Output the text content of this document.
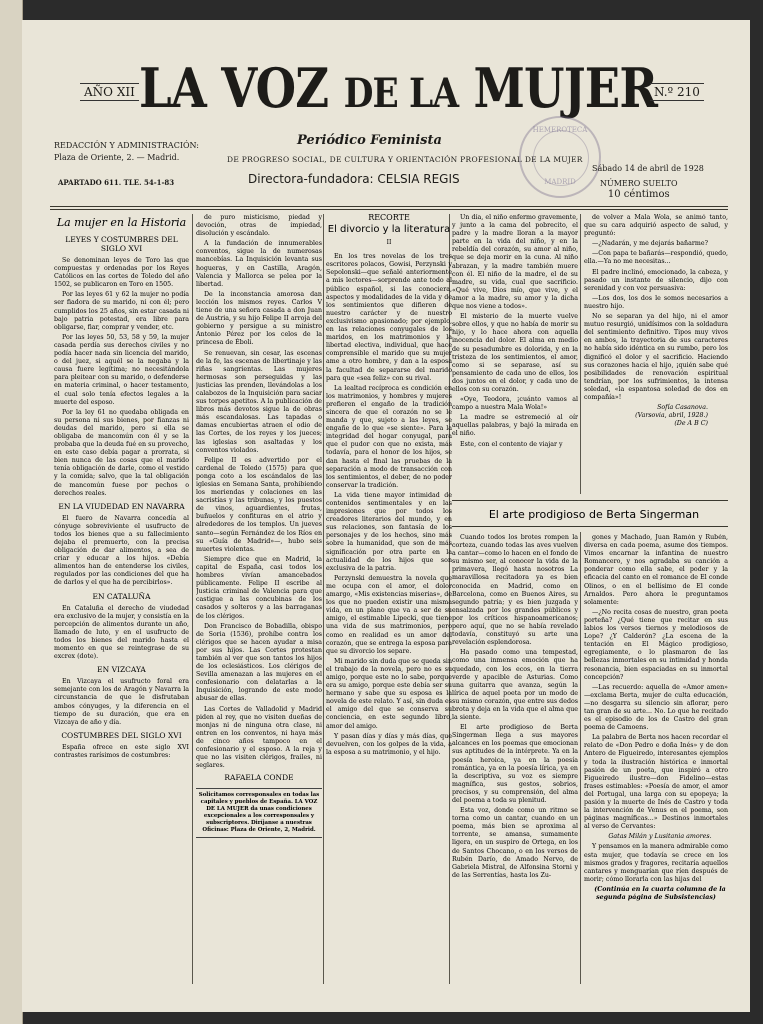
AÑO XII LA VOZ DE LA MUJER
N.º 210
Periódico Feminista
REDACCIÓN Y ADMINISTRACIÓN:
Plaza de Oriente, 2. — Madrid.	DE PROGRESO SOCIAL, DE CULTURA Y ORIENTACIÓN PROFESIONAL DE LA MUJER
Directora-fundadora: CELSIA REGIS
APARTADO 611. TLE. 54-1-83
HEMEROTECA
MADRID
Sábado 14 de abril de 1928
NÚMERO SUELTO
10 céntimos
La mujer en la Historia
LEYES Y COSTUMBRES DEL SIGLO XVI

Se denominan leyes de Toro las que compuestas y ordenadas por los Reyes Católicos en las cortes de Toledo del año 1502, se publicaron en Toro en 1505.

Por las leyes 61 y 62 la mujer no podía ser fiadora de su marido, ni con él; pero cumplidos los 25 años, sin estar casada ni bajo patria potestad, era libre para obligarse, fiar, comprar y vender, etc.

Por las leyes 50, 53, 58 y 59, la mujer casada perdía sus derechos civiles y no podía hacer nada sin licencia del marido, o del juez, si aquél se la negaba y la causa fuere legítima; no necesitándola para pleitear con su marido, o defenderse en materia criminal, o hacer testamento, el cual solo tenía efectos legales a la muerte del esposo.

Por la ley 61 no quedaba obligada en su persona ni sus bienes, por fianzas ni deudas del marido, pero si ella se obligaba de mancomún con él y se la probaba que la deuda fué en su provecho, en este caso debía pagar a prorrata, si bien nunca de las cosas que el marido tenía obligación de darle, como el vestido y la comida; salvo, que la tal obligación de mancomún fuese por pechos o derechos reales.

EN LA VIUDEDAD EN NAVARRA

El fuero de Navarra concedía al cónyuge sobreviviente el usufructo de todos los bienes que a su fallecimiento dejaba el premuerto, con la precisa obligación de dar alimentos, a sea de criar y educar a los hijos. «Debía alimentos han de entenderse los civiles, regulados por las condiciones del que ha de darlos y el que ha de percibirlos».

EN CATALUÑA

En Cataluña el derecho de viudedad era exclusivo de la mujer, y consistía en la percepción de alimentos durante un año, llamado de luto, y en el usufructo de todos los bienes del marido hasta el momento en que se reintegrase de su excrex (dote).

EN VIZCAYA

En Vizcaya el usufructo foral era semejante con los de Aragón y Navarra la circunstancia de que le disfrutaban ambos cónyuges, y la diferencia en el tiempo de su duración, que era en Vizcaya de año y día.

COSTUMBRES DEL SIGLO XVI

España ofrece en este siglo XVI contrastes rarísimos de costumbres:

de puro misticismo, piedad y devoción, otras de impiedad, disolución y escándalo.

A la fundación de innumerables conventos, sigue la de numerosas mancebías. La Inquisición levanta sus hogueras, y en Castilla, Aragón, Valencia y Mallorca se pelea por la libertad.

De la inconstancia amorosa dan lección los mismos reyes. Carlos V tiene de una señora casada a don Juan de Austria, y su hijo Felipe II arroja del gobierno y persigue a su ministro Antonio Pérez por los celos de la princesa de Éboli.

Se renuevan, sin cesar, las escenas de la fe, las escenas de libertinaje y las riñas sangrientas. Las mujeres hermosas son perseguidas y las justicias las prenden, llevándolas a los calabozos de la Inquisición para saciar sus torpes apetitos. A la publicación de libros más devotos sigue la de obras más escandalosas. Las tapadas o damas encubiertas atraen el odio de las Cortes, de los reyes y los jueces; las iglesias son asaltadas y los conventos violados.

Felipe II es advertido por el cardenal de Toledo (1575) para que ponga coto a los escándalos de las iglesias en Semana Santa, prohibiendo los meriendas y colaciones en las sacristías y las tribunas, y los puestos de vinos, aguardientes, frutas, buñuelos y confituras en el atrio y alrededores de los templos. Un jueves santo—según Fernández de los Ríos en su «Guía de Madrid»—, hubo seis muertes violentas.

Siempre dice que en Madrid, la capital de España, casi todos los hombres vivían amancebados públicamente. Felipe II escribe al Justicia criminal de Valencia para que castigue a las concubinas de los casados y solteros y a las barraganas de los clérigos.

Don Francisco de Bobadilla, obispo de Soria (1536), prohíbe contra los clérigos que se hacen ayudar a misa por sus hijos. Las Cortes protestan también al ver que son tantos los hijos de los eclesiásticos. Los clérigos de Sevilla amenazan a las mujeres en el confesionario con delatarlas a la Inquisición, logrando de este modo abusar de ellas.

Las Cortes de Valladolid y Madrid piden al rey, que no visiten dueñas de monjas ni de ninguna otra clase, ni entren en los conventos, ni haya más de cinco años tampoco en el confesionario y el esposo. A la reja y que no las visiten clérigos, frailes, ni seglares.

RAFAELA CONDE
Solicitamos corresponsales en todas las capitales y pueblos de España. LA VOZ DE LA MUJER da unas condiciones excepcionales a los corresponsales y subscriptores. Diríjanse a nuestras Oficinas: Plaza de Oriente, 2, Madrid.
RECORTE
El divorcio y la literatura
II

En los tres novelas de los tres escritores polacos, Gowisi, Perzynski y Sepolonski—que señalé anteriormente a mis lectores—sorprende ante todo al público español, si las conociera, aspectos y modalidades de la vida y de los sentimientos que difieren de nuestro carácter y de nuestro exclusivismo apasionado; por ejemplo, en las relaciones conyugales de los maridos, en los matrimonios y la libertad electiva, individual, que hace comprensible el marido que su mujer ame a otro hombre, y dan a la esposa la facultad de separarse del marido para que «sea feliz» con su rival.

La lealtad recíproca es condición en los matrimonios, y hombres y mujeres prefieren el engaño de la tradición sincera de que el corazón no se le manda y que, sujeto a las leyes, se engañe de lo que «se siente». Para la integridad del hogar conyugal, para que el pudor con que no exista, más todavía, para el honor de los hijos, se dan hasta el final las pruebas de la separación a modo de transacción con los sentimientos, el deber, de no poder conservar la tradición.

La vida tiene mayor intimidad de contenidos sentimentales y en las impresiones que por todos los creadores literarios del mundo, y en sus relaciones, son fantasía de los personajes y de los hechos, sino más sobre la humanidad, que son de más significación por otra parte en la actualidad de los hijos que son exclusiva de la patria.

Perzynski demuestra la novela que me ocupa con el amor, el dolor amargo, «Mis existencias miserias», de los que no pueden existir una misma vida, en un plano que va a ser de su amigo, el estimable Lipecki, que tiene una vida de sus matrimonios, pero como en realidad es un amor del corazón, que se entrega la esposa para que su divorcio los separe.

Mi marido sin duda que se queda sin el trabajo de la novela, pero no es su amigo, porque este no lo sabe, porque era su amigo, porque este debía ser su hermano y sabe que su esposa es la novela de este relato. Y así, sin duda es el amigo del que se conserva su conciencia, en este segundo libro, amor del amigo.

Y pasan días y días y más días, que devuelven, con los golpes de la vida, a la esposa a su matrimonio, y el hijo.

Un día, el niño enfermo gravemente, y junto a la cama del pobrecito, el padre y la madre lloran a la mayor parte en la vida del niño, y en la rebeldía del corazón, su amor al niño, que se deja morir en la cuna. Al niño abrazan, y la madre también muere con él. El niño de la madre, el de su madre, su vida, cual que sacrificio. «Qué vive, Dios mío, que vive, y el amor a la madre, su amor y la dicha que nos viene a todos».

El misterio de la muerte vuelve sobre ellos, y que no había de morir su hijo, y lo hace ahora con aquella inocencia del dolor. El alma en medio de su pesadumbre es dolorida, y en la tristeza de los sentimientos, el amor, como si se separase, así su pensamiento de cada uno de ellos, los dos juntos en el dolor, y cada uno de ellos con su corazón.

«Oye, Teodora, ¡cuánto vamos al campo a nuestra Mala Wola!»

La madre se estremeció al oír aquellas palabras, y bajó la mirada en el niño.

Este, con el contento de viajar y

de volver a Mala Wola, se animó tanto, que su cara adquirió aspecto de salud, y preguntó:

—¿Nadarán, y me dejarás bañarme?

—Con papa te bañarás—respondió, quedo, ella.—Ya no me necesitas...

El padre inclinó, emocionado, la cabeza, y pasado un instante de silencio, dijo con serenidad y con voz persuasiva:

—Los dos, los dos le somos necesarios a nuestro hijo.

No se separan ya del hijo, ni el amor mutuo resurgió, unidísimos con la soldadura del sentimiento definitivo. Tipos muy vivos en ambos, la trayectoria de sus caracteres no había sido idéntica en su rumbo, pero los dignificó el dolor y el sacrificio. Haciendo sus corazones hacia el hijo, ¡quién sabe qué posibilidades de renovación espiritual tendrían, por los sufrimientos, la intensa soledad, «la espantosa soledad de dos en compañía»!

Sofía Casanova.
(Varsovia, abril, 1928.)
(De A B C)
El arte prodigioso de Berta Singerman

Cuando todos los brotes rompen la corteza, cuando todas las aves vuelven a cantar—como lo hacen en el fondo de su mismo ser, al conocer la vida de la primavera, llegó hasta nosotros La maravillosa recitadora ya es bien conocida en Madrid, como en Barcelona, como en Buenos Aires, su segundo patria; y es bien juzgada y ensalzada por los grandes públicos y por los críticos hispanoamericanos; pero aquí, que no se había revelado todavía, constituyó su arte una revelación esplendorosa.

Ha pasado como una tempestad, como una inmensa emoción que ha quedado, con los ecos, en la tierra verde y apacible de Asturias. Como una guitarra que avanza, según la lírica de aquel poeta por un modo de su mismo corazón, que entre sus dedos brota y deja en la vida que el alma que la siente.

El arte prodigioso de Berta Singerman llega a sus mayores alcances en los poemas que emocionan sus aptitudes de la intérprete. Ya en la poesía heroica, ya en la poesía romántica, ya en la poesía lírica, ya en la descriptiva, su voz es siempre magnífica, sus gestos, sobrios, precisos, y su comprensión, del alma del poema a toda su plenitud.

Esta voz, donde como un ritmo se torna como un cantar, cuando en un poema, más bien se aproxima al torrente, se amansa, sumamente ligera, en un suspiro de Ortega, en los de Santos Chocano, o en los versos de Rubén Darío, de Amado Nervo, de Gabriela Mistral, de Alfonsina Storni y de las Serrentías, hasta los Zu-

gones y Machado, Juan Ramón y Rubén, diversa en cada poema, asume dos tiempos. Vimos encarnar la infantina de nuestro Romancero, y nos agradaba su canción a ponderar como ella sabe, el poder y la eficacia del canto en el romance de El conde Olinos, o en el bellísimo de El conde Arnaldos. Pero ahora le preguntamos solamente:

—¿No recita cosas de nuestro, gran poeta porteña? ¿Qué tiene que recitar en sus labios los versos tiernos y melodiosos de Lope? ¿Y Calderón? ¿La escena de la tentación en El Mágico prodigioso, egregiamente, o lo plasmaron de las bellezas inmortales en su intimidad y honda resonancia, bien espaciadas en su inmortal concepción?

—Las recuerdo: aquella de «Amor amen» —exclama Berta, mujer de culta educación, —no desgarra su silencio sin aflorar, pero tan gran de su arte... No. Lo que he recitado es el episodio de los de Castro del gran poema de Camoens.

La palabra de Berta nos hacen recordar el relato de «Don Pedro e doña Inés» y de don Antero de Figueiredo, interesantes ejemplos y toda la ilustración histórica e inmortal pasión de un poeta, que inspiró a otro Figueiredo ilustre—don Fidelino—estas frases estimables: «Poesía de amor, el amor del Portugal, una larga con su epopeya; la pasión y la muerte de Inés de Castro y toda la intervención de Venus en el poema, son páginas magníficas...» Destinos inmortales al verso de Cervantes:

Gatas Milán y Lusitania amores.

Y pensamos en la manera admirable como esta mujer, que todavía se crece en los mismos grados y fragores, recitaría aquellos cantares y menguarían que ríen después de morir; cómo llorarla con las hijas del

(Continúa en la cuarta columna de la segunda página de Subsistencias)
